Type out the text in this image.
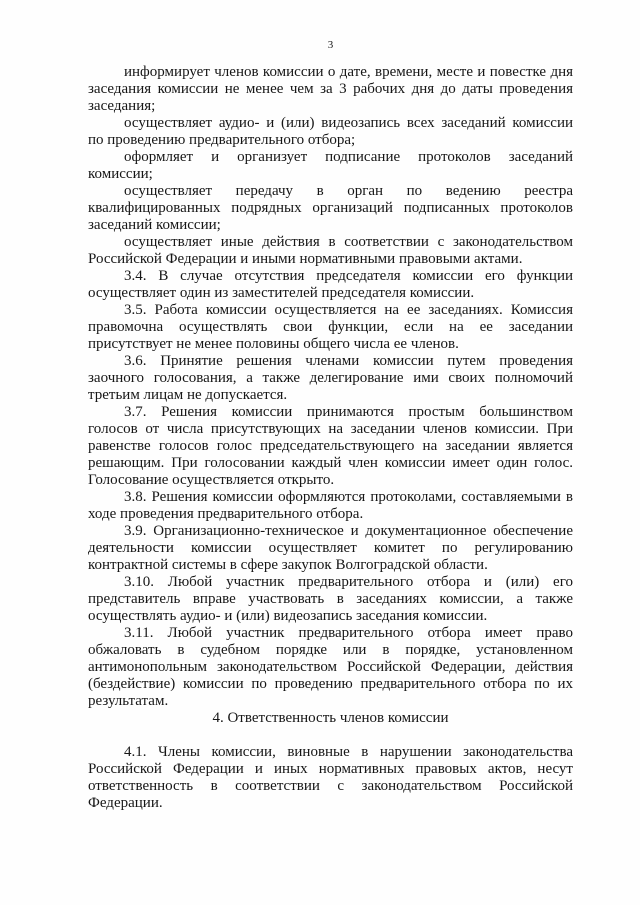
3
информирует членов комиссии о дате, времени, месте и повестке дня
заседания комиссии не менее чем за 3 рабочих дня до даты проведения
заседания;
осуществляет аудио- и (или) видеозапись всех заседаний комиссии
по проведению предварительного отбора;
оформляет и организует подписание протоколов заседаний
комиссии;
осуществляет передачу в орган по ведению реестра
квалифицированных подрядных организаций подписанных протоколов
заседаний комиссии;
осуществляет иные действия в соответствии с законодательством
Российской Федерации и иными нормативными правовыми актами.
3.4. В случае отсутствия председателя комиссии его функции
осуществляет один из заместителей председателя комиссии.
3.5. Работа комиссии осуществляется на ее заседаниях. Комиссия
правомочна осуществлять свои функции, если на ее заседании
присутствует не менее половины общего числа ее членов.
3.6. Принятие решения членами комиссии путем проведения
заочного голосования, а также делегирование ими своих полномочий
третьим лицам не допускается.
3.7. Решения комиссии принимаются простым большинством
голосов от числа присутствующих на заседании членов комиссии. При
равенстве голосов голос председательствующего на заседании является
решающим. При голосовании каждый член комиссии имеет один голос.
Голосование осуществляется открыто.
3.8. Решения комиссии оформляются протоколами, составляемыми в
ходе проведения предварительного отбора.
3.9. Организационно-техническое и документационное обеспечение
деятельности комиссии осуществляет комитет по регулированию
контрактной системы в сфере закупок Волгоградской области.
3.10. Любой участник предварительного отбора и (или) его
представитель вправе участвовать в заседаниях комиссии, а также
осуществлять аудио- и (или) видеозапись заседания комиссии.
3.11. Любой участник предварительного отбора имеет право
обжаловать в судебном порядке или в порядке, установленном
антимонопольным законодательством Российской Федерации, действия
(бездействие) комиссии по проведению предварительного отбора по их
результатам.
4. Ответственность членов комиссии
4.1. Члены комиссии, виновные в нарушении законодательства
Российской Федерации и иных нормативных правовых актов, несут
ответственность в соответствии с законодательством Российской
Федерации.
